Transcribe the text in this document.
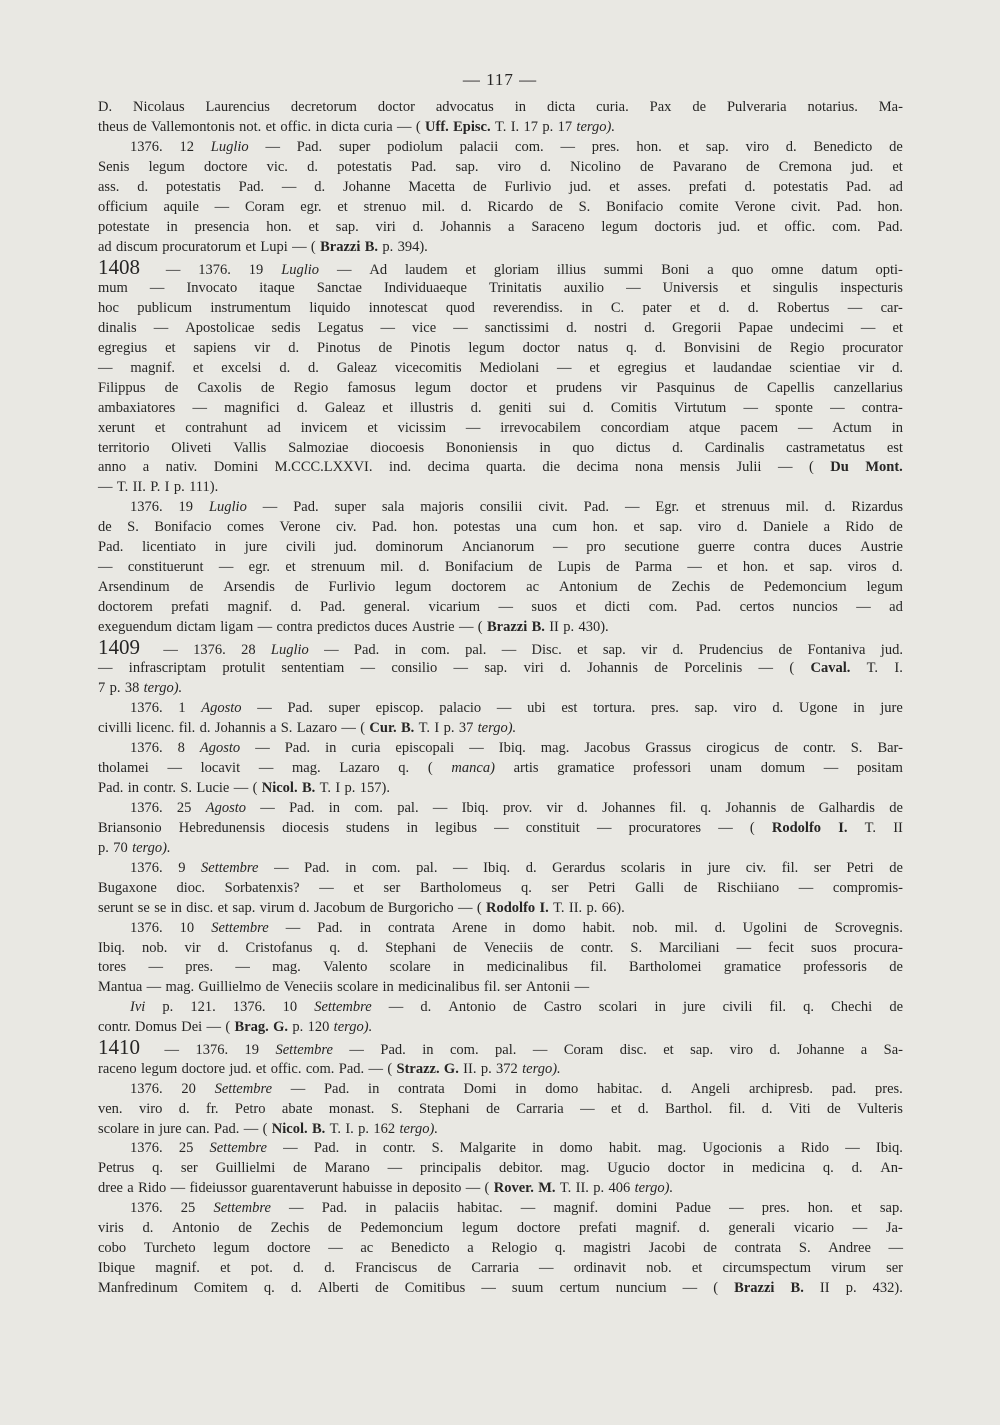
— 117 —
D. Nicolaus Laurencius decretorum doctor advocatus in dicta curia. Pax de Pulveraria notarius. Ma-
theus de Vallemontonis not. et offic. in dicta curia — ( Uff. Episc. T. I. 17 p. 17 tergo).
1376. 12 Luglio — Pad. super podiolum palacii com. — pres. hon. et sap. viro d. Benedicto de
Senis legum doctore vic. d. potestatis Pad. sap. viro d. Nicolino de Pavarano de Cremona jud. et
ass. d. potestatis Pad. — d. Johanne Macetta de Furlivio jud. et asses. prefati d. potestatis Pad. ad
officium aquile — Coram egr. et strenuo mil. d. Ricardo de S. Bonifacio comite Verone civit. Pad. hon.
potestate in presencia hon. et sap. viri d. Johannis a Saraceno legum doctoris jud. et offic. com. Pad.
ad discum procuratorum et Lupi — ( Brazzi B. p. 394).
1408 — 1376. 19 Luglio — Ad laudem et gloriam illius summi Boni a quo omne datum opti-
mum — Invocato itaque Sanctae Individuaeque Trinitatis auxilio — Universis et singulis inspecturis
hoc publicum instrumentum liquido innotescat quod reverendiss. in C. pater et d. d. Robertus — car-
dinalis — Apostolicae sedis Legatus — vice — sanctissimi d. nostri d. Gregorii Papae undecimi — et
egregius et sapiens vir d. Pinotus de Pinotis legum doctor natus q. d. Bonvisini de Regio procurator
— magnif. et excelsi d. d. Galeaz vicecomitis Mediolani — et egregius et laudandae scientiae vir d.
Filippus de Caxolis de Regio famosus legum doctor et prudens vir Pasquinus de Capellis canzellarius
ambaxiatores — magnifici d. Galeaz et illustris d. geniti sui d. Comitis Virtutum — sponte — contra-
xerunt et contrahunt ad invicem et vicissim — irrevocabilem concordiam atque pacem — Actum in
territorio Oliveti Vallis Salmoziae diocoesis Bononiensis in quo dictus d. Cardinalis castrametatus est
anno a nativ. Domini M.CCC.LXXVI. ind. decima quarta. die decima nona mensis Julii — ( Du Mont.
— T. II. P. I p. 111).
1376. 19 Luglio — Pad. super sala majoris consilii civit. Pad. — Egr. et strenuus mil. d. Rizardus
de S. Bonifacio comes Verone civ. Pad. hon. potestas una cum hon. et sap. viro d. Daniele a Rido de
Pad. licentiato in jure civili jud. dominorum Ancianorum — pro secutione guerre contra duces Austrie
— constituerunt — egr. et strenuum mil. d. Bonifacium de Lupis de Parma — et hon. et sap. viros d.
Arsendinum de Arsendis de Furlivio legum doctorem ac Antonium de Zechis de Pedemoncium legum
doctorem prefati magnif. d. Pad. general. vicarium — suos et dicti com. Pad. certos nuncios — ad
exeguendum dictam ligam — contra predictos duces Austrie — ( Brazzi B. II p. 430).
1409 — 1376. 28 Luglio — Pad. in com. pal. — Disc. et sap. vir d. Prudencius de Fontaniva jud.
— infrascriptam protulit sententiam — consilio — sap. viri d. Johannis de Porcelinis — ( Caval. T. I.
7 p. 38 tergo).
1376. 1 Agosto — Pad. super episcop. palacio — ubi est tortura. pres. sap. viro d. Ugone in jure
civilli licenc. fil. d. Johannis a S. Lazaro — ( Cur. B. T. I p. 37 tergo).
1376. 8 Agosto — Pad. in curia episcopali — Ibiq. mag. Jacobus Grassus cirogicus de contr. S. Bar-
tholamei — locavit — mag. Lazaro q. ( manca) artis gramatice professori unam domum — positam
Pad. in contr. S. Lucie — ( Nicol. B. T. I p. 157).
1376. 25 Agosto — Pad. in com. pal. — Ibiq. prov. vir d. Johannes fil. q. Johannis de Galhardis de
Briansonio Hebredunensis diocesis studens in legibus — constituit — procuratores — ( Rodolfo I. T. II
p. 70 tergo).
1376. 9 Settembre — Pad. in com. pal. — Ibiq. d. Gerardus scolaris in jure civ. fil. ser Petri de
Bugaxone dioc. Sorbatenxis? — et ser Bartholomeus q. ser Petri Galli de Rischiiano — compromis-
serunt se se in disc. et sap. virum d. Jacobum de Burgoricho — ( Rodolfo I. T. II. p. 66).
1376. 10 Settembre — Pad. in contrata Arene in domo habit. nob. mil. d. Ugolini de Scrovegnis.
Ibiq. nob. vir d. Cristofanus q. d. Stephani de Veneciis de contr. S. Marciliani — fecit suos procura-
tores — pres. — mag. Valento scolare in medicinalibus fil. Bartholomei gramatice professoris de
Mantua — mag. Guillielmo de Veneciis scolare in medicinalibus fil. ser Antonii —
Ivi p. 121. 1376. 10 Settembre — d. Antonio de Castro scolari in jure civili fil. q. Chechi de
contr. Domus Dei — ( Brag. G. p. 120 tergo).
1410 — 1376. 19 Settembre — Pad. in com. pal. — Coram disc. et sap. viro d. Johanne a Sa-
raceno legum doctore jud. et offic. com. Pad. — ( Strazz. G. II. p. 372 tergo).
1376. 20 Settembre — Pad. in contrata Domi in domo habitac. d. Angeli archipresb. pad. pres.
ven. viro d. fr. Petro abate monast. S. Stephani de Carraria — et d. Barthol. fil. d. Viti de Vulteris
scolare in jure can. Pad. — ( Nicol. B. T. I. p. 162 tergo).
1376. 25 Settembre — Pad. in contr. S. Malgarite in domo habit. mag. Ugocionis a Rido — Ibiq.
Petrus q. ser Guillielmi de Marano — principalis debitor. mag. Ugucio doctor in medicina q. d. An-
dree a Rido — fideiussor guarentaverunt habuisse in deposito — ( Rover. M. T. II. p. 406 tergo).
1376. 25 Settembre — Pad. in palaciis habitac. — magnif. domini Padue — pres. hon. et sap.
viris d. Antonio de Zechis de Pedemoncium legum doctore prefati magnif. d. generali vicario — Ja-
cobo Turcheto legum doctore — ac Benedicto a Relogio q. magistri Jacobi de contrata S. Andree —
Ibique magnif. et pot. d. d. Franciscus de Carraria — ordinavit nob. et circumspectum virum ser
Manfredinum Comitem q. d. Alberti de Comitibus — suum certum nuncium — ( Brazzi B. II p. 432).
